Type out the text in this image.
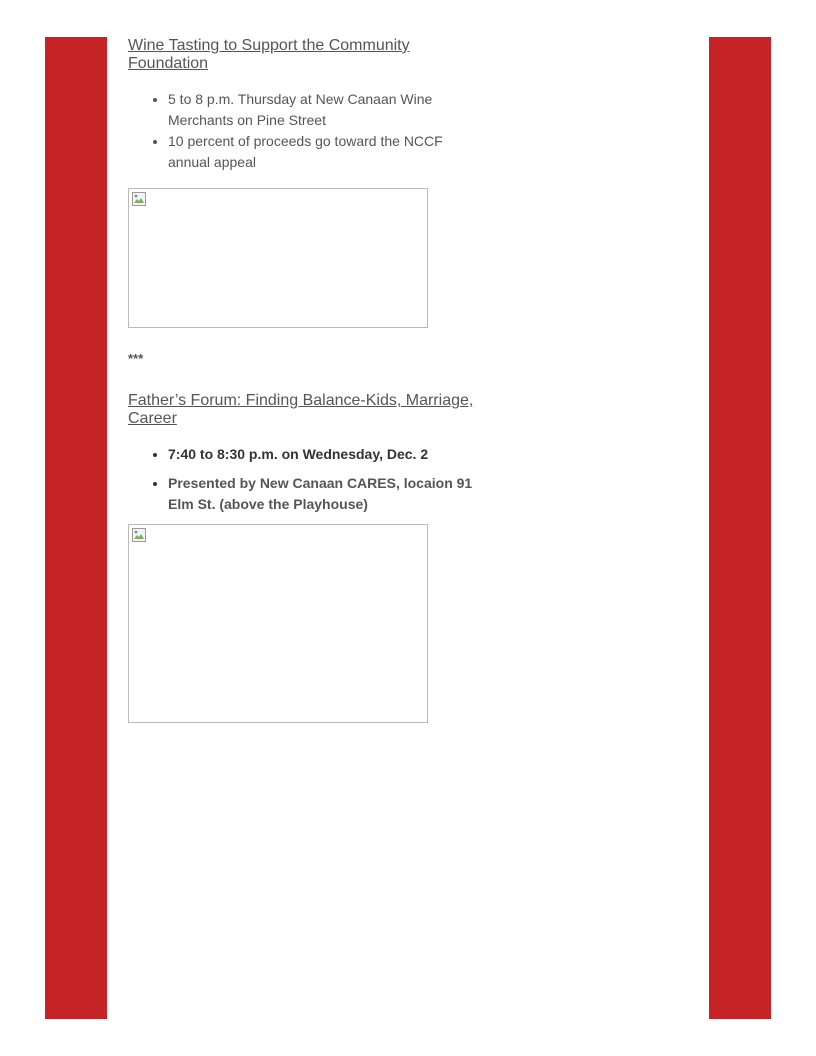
Wine Tasting to Support the Community Foundation
• 5 to 8 p.m. Thursday at New Canaan Wine Merchants on Pine Street
• 10 percent of proceeds go toward the NCCF annual appeal

***

Father’s Forum: Finding Balance-Kids, Marriage, Career
• 7:40 to 8:30 p.m. on Wednesday, Dec. 2
• Presented by New Canaan CARES, locaion 91 Elm St. (above the Playhouse)
